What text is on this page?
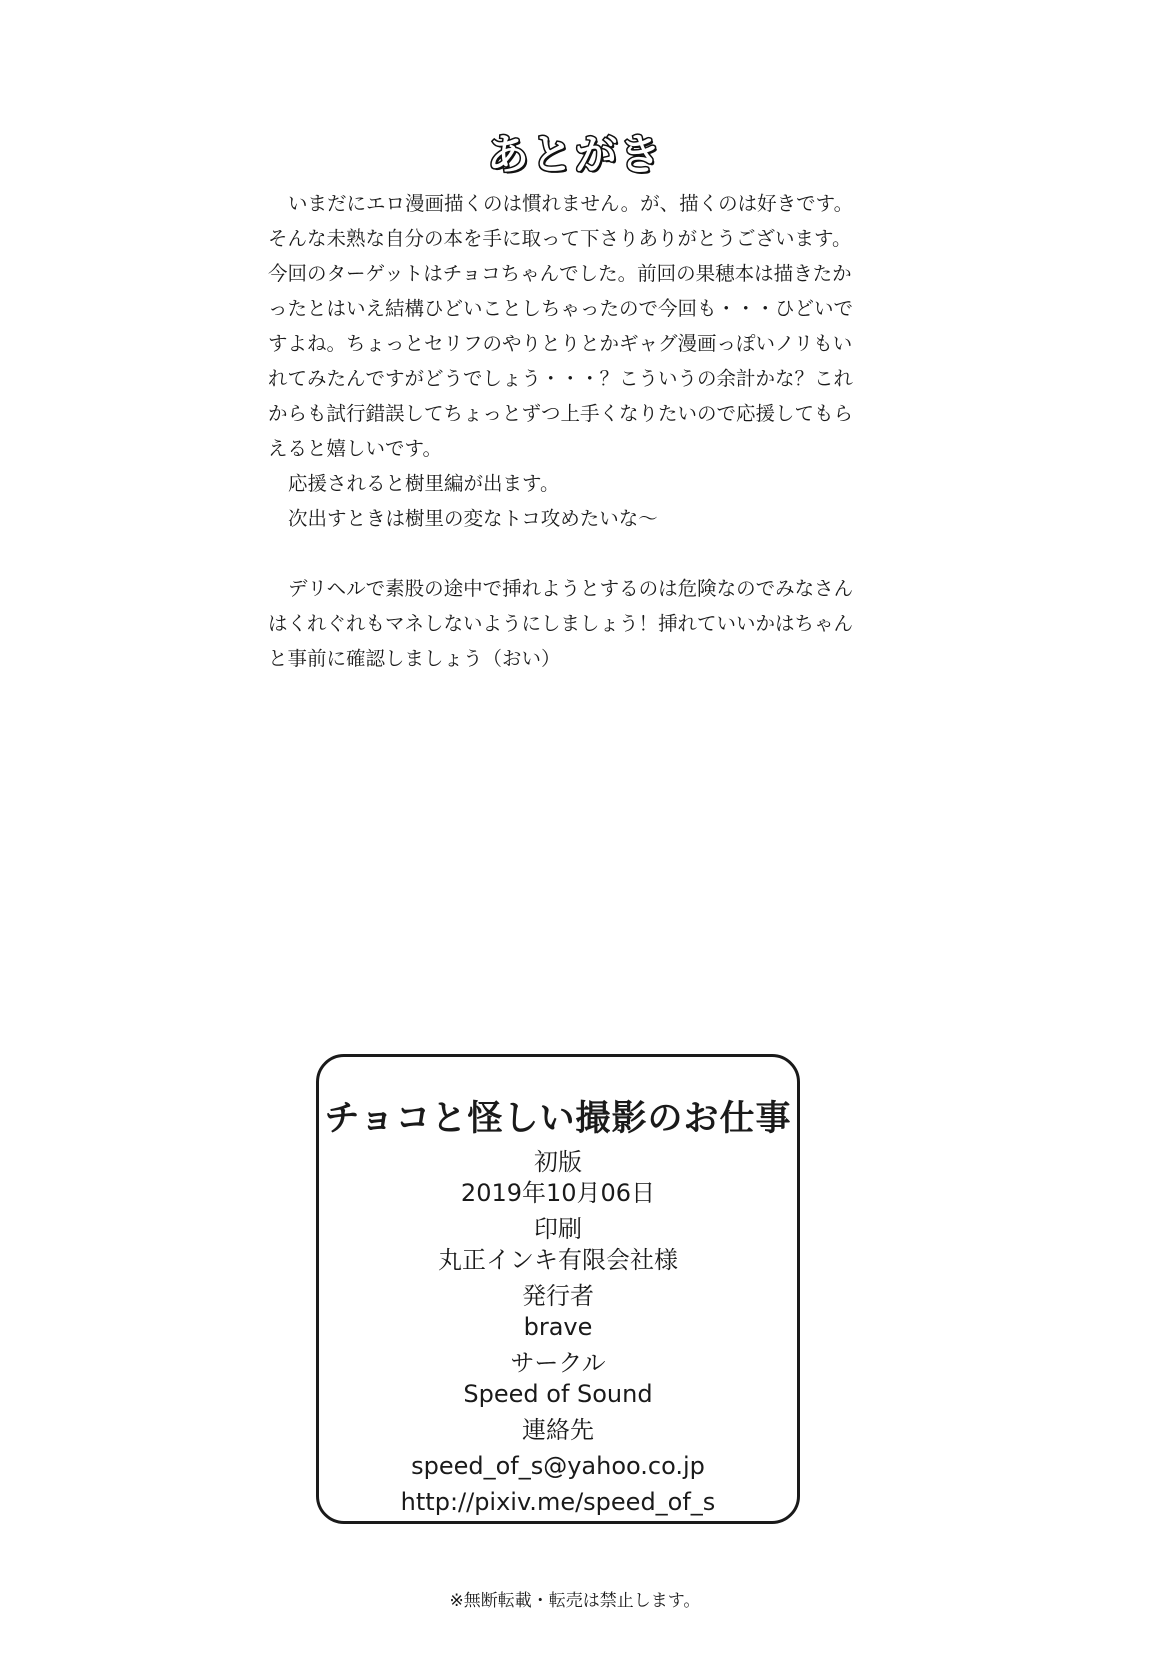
あとがき

いまだにエロ漫画描くのは慣れません。が、描くのは好きです。

そんな未熟な自分の本を手に取って下さりありがとうございます。

今回のターゲットはチョコちゃんでした。前回の果穂本は描きたか

ったとはいえ結構ひどいことしちゃったので今回も・・・ひどいで

すよね。ちょっとセリフのやりとりとかギャグ漫画っぽいノリもい

れてみたんですがどうでしょう・・・？こういうの余計かな？これ

からも試行錯誤してちょっとずつ上手くなりたいので応援してもら

えると嬉しいです。

応援されると樹里編が出ます。

次出すときは樹里の変なトコ攻めたいな～

デリヘルで素股の途中で挿れようとするのは危険なのでみなさん

はくれぐれもマネしないようにしましょう！挿れていいかはちゃん

と事前に確認しましょう（おい）

チョコと怪しい撮影のお仕事
初版
2019年10月06日
印刷
丸正インキ有限会社様
発行者
brave
サークル
Speed of Sound
連絡先
speed_of_s@yahoo.co.jp
http://pixiv.me/speed_of_s
※無断転載・転売は禁止します。
